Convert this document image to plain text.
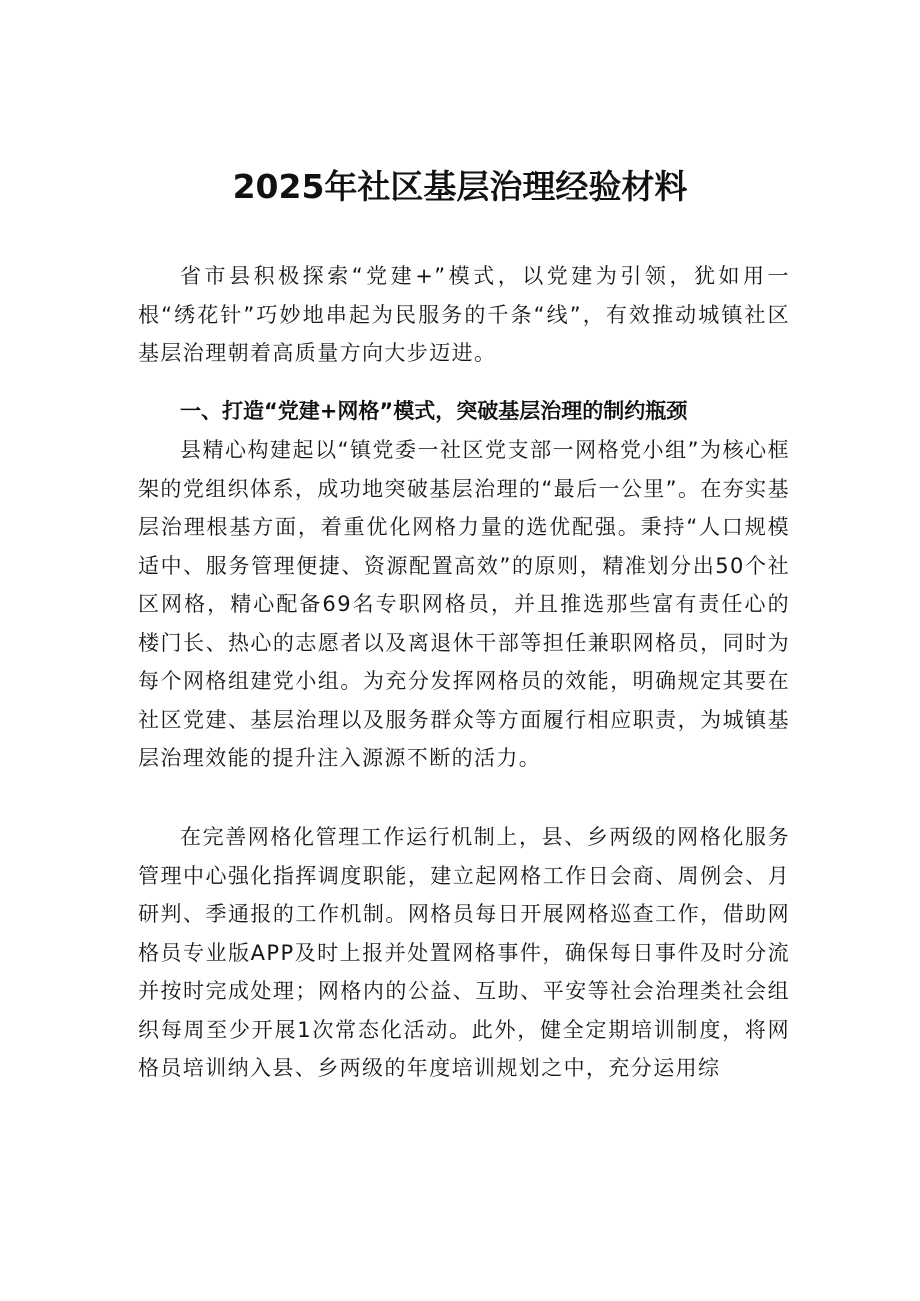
2025年社区基层治理经验材料

省市县积极探索“党建+”模式，以党建为引领，犹如用一根“绣花针”巧妙地串起为民服务的千条“线”，有效推动城镇社区基层治理朝着高质量方向大步迈进。

一、打造“党建+网格”模式，突破基层治理的制约瓶颈

县精心构建起以“镇党委一社区党支部一网格党小组”为核心框架的党组织体系，成功地突破基层治理的“最后一公里”。在夯实基层治理根基方面，着重优化网格力量的选优配强。秉持“人口规模适中、服务管理便捷、资源配置高效”的原则，精准划分出50个社区网格，精心配备69名专职网格员，并且推选那些富有责任心的楼门长、热心的志愿者以及离退休干部等担任兼职网格员，同时为每个网格组建党小组。为充分发挥网格员的效能，明确规定其要在社区党建、基层治理以及服务群众等方面履行相应职责，为城镇基层治理效能的提升注入源源不断的活力。

在完善网格化管理工作运行机制上，县、乡两级的网格化服务管理中心强化指挥调度职能，建立起网格工作日会商、周例会、月研判、季通报的工作机制。网格员每日开展网格巡查工作，借助网格员专业版APP及时上报并处置网格事件，确保每日事件及时分流并按时完成处理；网格内的公益、互助、平安等社会治理类社会组织每周至少开展1次常态化活动。此外，健全定期培训制度，将网格员培训纳入县、乡两级的年度培训规划之中，充分运用综
